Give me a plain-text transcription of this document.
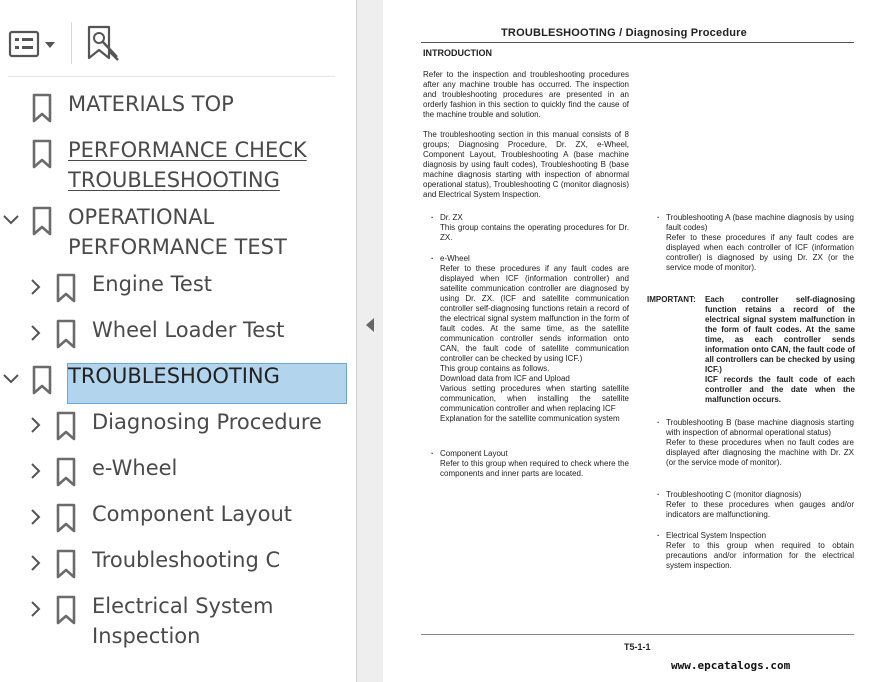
MATERIALS TOP
PERFORMANCE CHECK
TROUBLESHOOTING
OPERATIONAL
PERFORMANCE TEST
Engine Test
Wheel Loader Test
TROUBLESHOOTING
Diagnosing Procedure
e-Wheel
Component Layout
Troubleshooting C
Electrical System
Inspection
TROUBLESHOOTING / Diagnosing Procedure
INTRODUCTION
Refer to the inspection and troubleshooting procedures after any machine trouble has occurred. The inspection and troubleshooting procedures are presented in an orderly fashion in this section to quickly find the cause of the machine trouble and solution.
The troubleshooting section in this manual consists of 8 groups; Diagnosing Procedure, Dr. ZX, e-Wheel, Component Layout, Troubleshooting A (base machine diagnosis by using fault codes), Troubleshooting B (base machine diagnosis starting with inspection of abnormal operational status), Troubleshooting C (monitor diagnosis) and Electrical System Inspection.
· Dr. ZX
This group contains the operating procedures for Dr. ZX.
· e-Wheel
Refer to these procedures if any fault codes are displayed when ICF (information controller) and satellite communication controller are diagnosed by using Dr. ZX. (ICF and satellite communication controller self-diagnosing functions retain a record of the electrical signal system malfunction in the form of fault codes. At the same time, as the satellite communication controller sends information onto CAN, the fault code of satellite communication controller can be checked by using ICF.)
This group contains as follows.
Download data from ICF and Upload
Various setting procedures when starting satellite communication, when installing the satellite communication controller and when replacing ICF
Explanation for the satellite communication system
· Component Layout
Refer to this group when required to check where the components and inner parts are located.
· Troubleshooting A (base machine diagnosis by using fault codes)
Refer to these procedures if any fault codes are displayed when each controller of ICF (information controller) is diagnosed by using Dr. ZX (or the service mode of monitor).
IMPORTANT: Each controller self-diagnosing function retains a record of the electrical signal system malfunction in the form of fault codes. At the same time, as each controller sends information onto CAN, the fault code of all controllers can be checked by using ICF.)
ICF records the fault code of each controller and the date when the malfunction occurs.
· Troubleshooting B (base machine diagnosis starting with inspection of abnormal operational status)
Refer to these procedures when no fault codes are displayed after diagnosing the machine with Dr. ZX (or the service mode of monitor).
· Troubleshooting C (monitor diagnosis)
Refer to these procedures when gauges and/or indicators are malfunctioning.
· Electrical System Inspection
Refer to this group when required to obtain precautions and/or information for the electrical system inspection.
T5-1-1
www.epcatalogs.com
